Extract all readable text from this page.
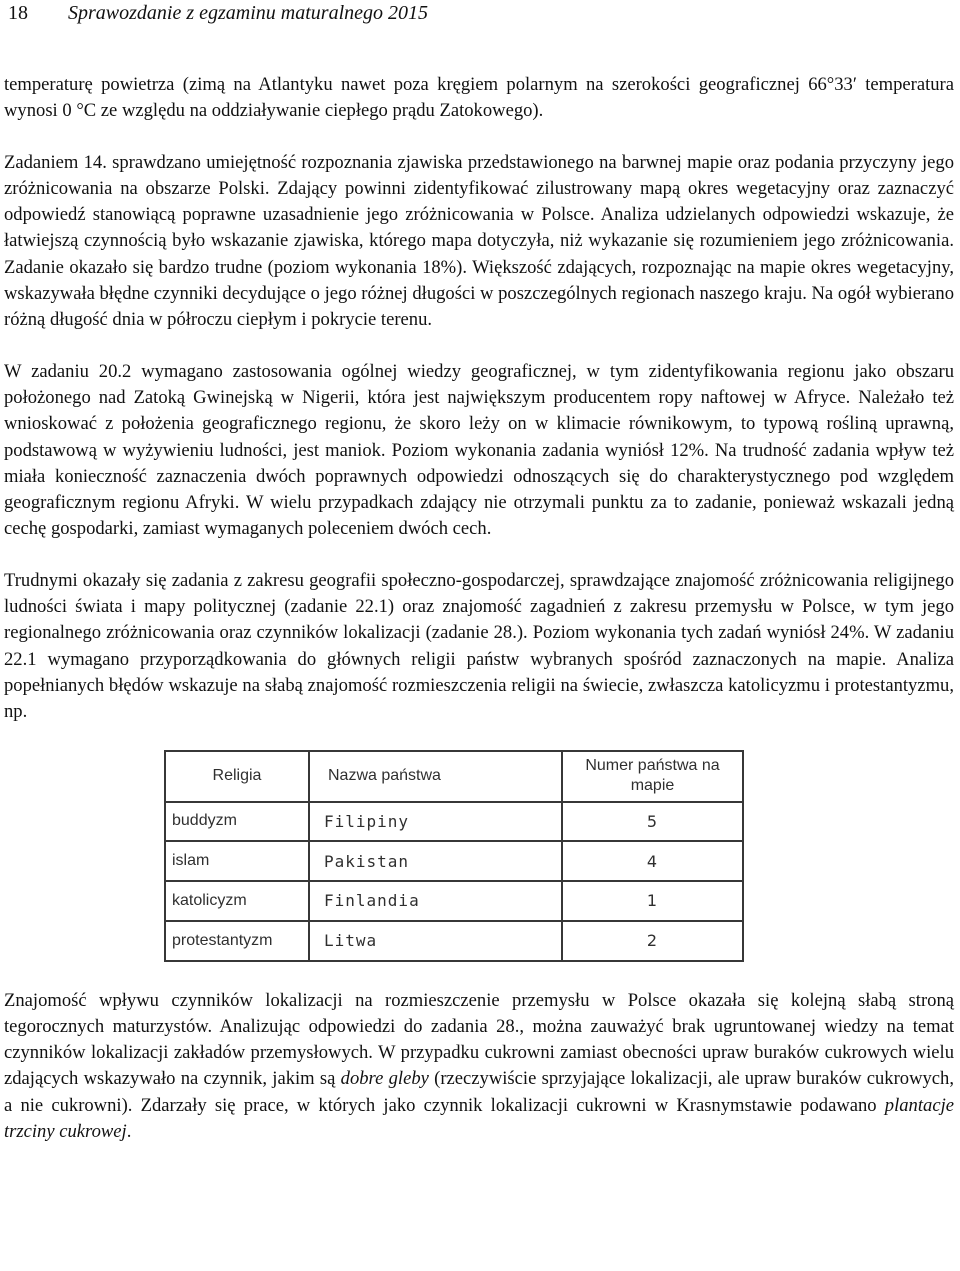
18 Sprawozdanie z egzaminu maturalnego 2015

temperaturę powietrza (zimą na Atlantyku nawet poza kręgiem polarnym na szerokości geograficznej 66°33′ temperatura wynosi 0 °C ze względu na oddziaływanie ciepłego prądu Zatokowego).

Zadaniem 14. sprawdzano umiejętność rozpoznania zjawiska przedstawionego na barwnej mapie oraz podania przyczyny jego zróżnicowania na obszarze Polski. Zdający powinni zidentyfikować zilustrowany mapą okres wegetacyjny oraz zaznaczyć odpowiedź stanowiącą poprawne uzasadnienie jego zróżnicowania w Polsce. Analiza udzielanych odpowiedzi wskazuje, że łatwiejszą czynnością było wskazanie zjawiska, którego mapa dotyczyła, niż wykazanie się rozumieniem jego zróżnicowania. Zadanie okazało się bardzo trudne (poziom wykonania 18%). Większość zdających, rozpoznając na mapie okres wegetacyjny, wskazywała błędne czynniki decydujące o jego różnej długości w poszczególnych regionach naszego kraju. Na ogół wybierano różną długość dnia w półroczu ciepłym i pokrycie terenu.

W zadaniu 20.2 wymagano zastosowania ogólnej wiedzy geograficznej, w tym zidentyfikowania regionu jako obszaru położonego nad Zatoką Gwinejską w Nigerii, która jest największym producentem ropy naftowej w Afryce. Należało też wnioskować z położenia geograficznego regionu, że skoro leży on w klimacie równikowym, to typową rośliną uprawną, podstawową w wyżywieniu ludności, jest maniok. Poziom wykonania zadania wyniósł 12%. Na trudność zadania wpływ też miała konieczność zaznaczenia dwóch poprawnych odpowiedzi odnoszących się do charakterystycznego pod względem geograficznym regionu Afryki. W wielu przypadkach zdający nie otrzymali punktu za to zadanie, ponieważ wskazali jedną cechę gospodarki, zamiast wymaganych poleceniem dwóch cech.

Trudnymi okazały się zadania z zakresu geografii społeczno-gospodarczej, sprawdzające znajomość zróżnicowania religijnego ludności świata i mapy politycznej (zadanie 22.1) oraz znajomość zagadnień z zakresu przemysłu w Polsce, w tym jego regionalnego zróżnicowania oraz czynników lokalizacji (zadanie 28.). Poziom wykonania tych zadań wyniósł 24%. W zadaniu 22.1 wymagano przyporządkowania do głównych religii państw wybranych spośród zaznaczonych na mapie. Analiza popełnianych błędów wskazuje na słabą znajomość rozmieszczenia religii na świecie, zwłaszcza katolicyzmu i protestantyzmu, np.

Religia	Nazwa państwa	Numer państwa na mapie
buddyzm	Filipiny	5
islam	Pakistan	4
katolicyzm	Finlandia	1
protestantyzm	Litwa	2

Znajomość wpływu czynników lokalizacji na rozmieszczenie przemysłu w Polsce okazała się kolejną słabą stroną tegorocznych maturzystów. Analizując odpowiedzi do zadania 28., można zauważyć brak ugruntowanej wiedzy na temat czynników lokalizacji zakładów przemysłowych. W przypadku cukrowni zamiast obecności upraw buraków cukrowych wielu zdających wskazywało na czynnik, jakim są dobre gleby (rzeczywiście sprzyjające lokalizacji, ale upraw buraków cukrowych, a nie cukrowni). Zdarzały się prace, w których jako czynnik lokalizacji cukrowni w Krasnymstawie podawano plantacje trzciny cukrowej.
